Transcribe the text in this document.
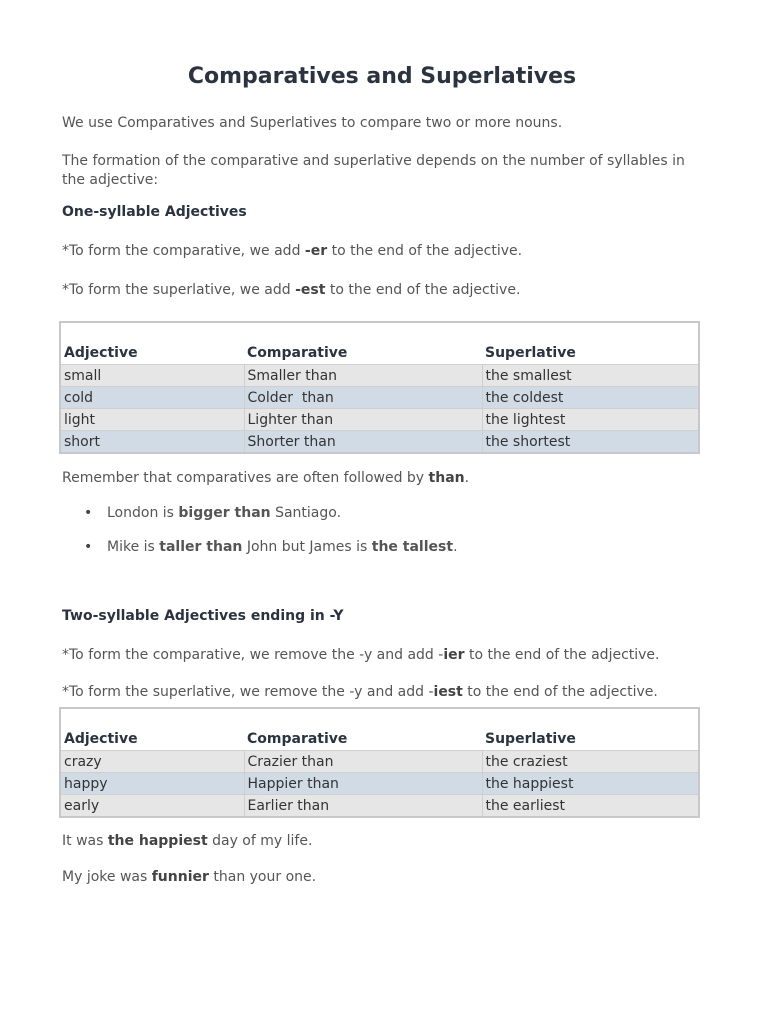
Comparatives and Superlatives

We use Comparatives and Superlatives to compare two or more nouns.

The formation of the comparative and superlative depends on the number of syllables in
the adjective:

One-syllable Adjectives

*To form the comparative, we add -er to the end of the adjective.

*To form the superlative, we add -est to the end of the adjective.

Adjective	Comparative	Superlative
small	Smaller than	the smallest
cold	Colder  than	the coldest
light	Lighter than	the lightest
short	Shorter than	the shortest

Remember that comparatives are often followed by than.

• London is bigger than Santiago.
• Mike is taller than John but James is the tallest.

Two-syllable Adjectives ending in -Y

*To form the comparative, we remove the -y and add -ier to the end of the adjective.

*To form the superlative, we remove the -y and add -iest to the end of the adjective.

Adjective	Comparative	Superlative
crazy	Crazier than	the craziest
happy	Happier than	the happiest
early	Earlier than	the earliest

It was the happiest day of my life.

My joke was funnier than your one.
